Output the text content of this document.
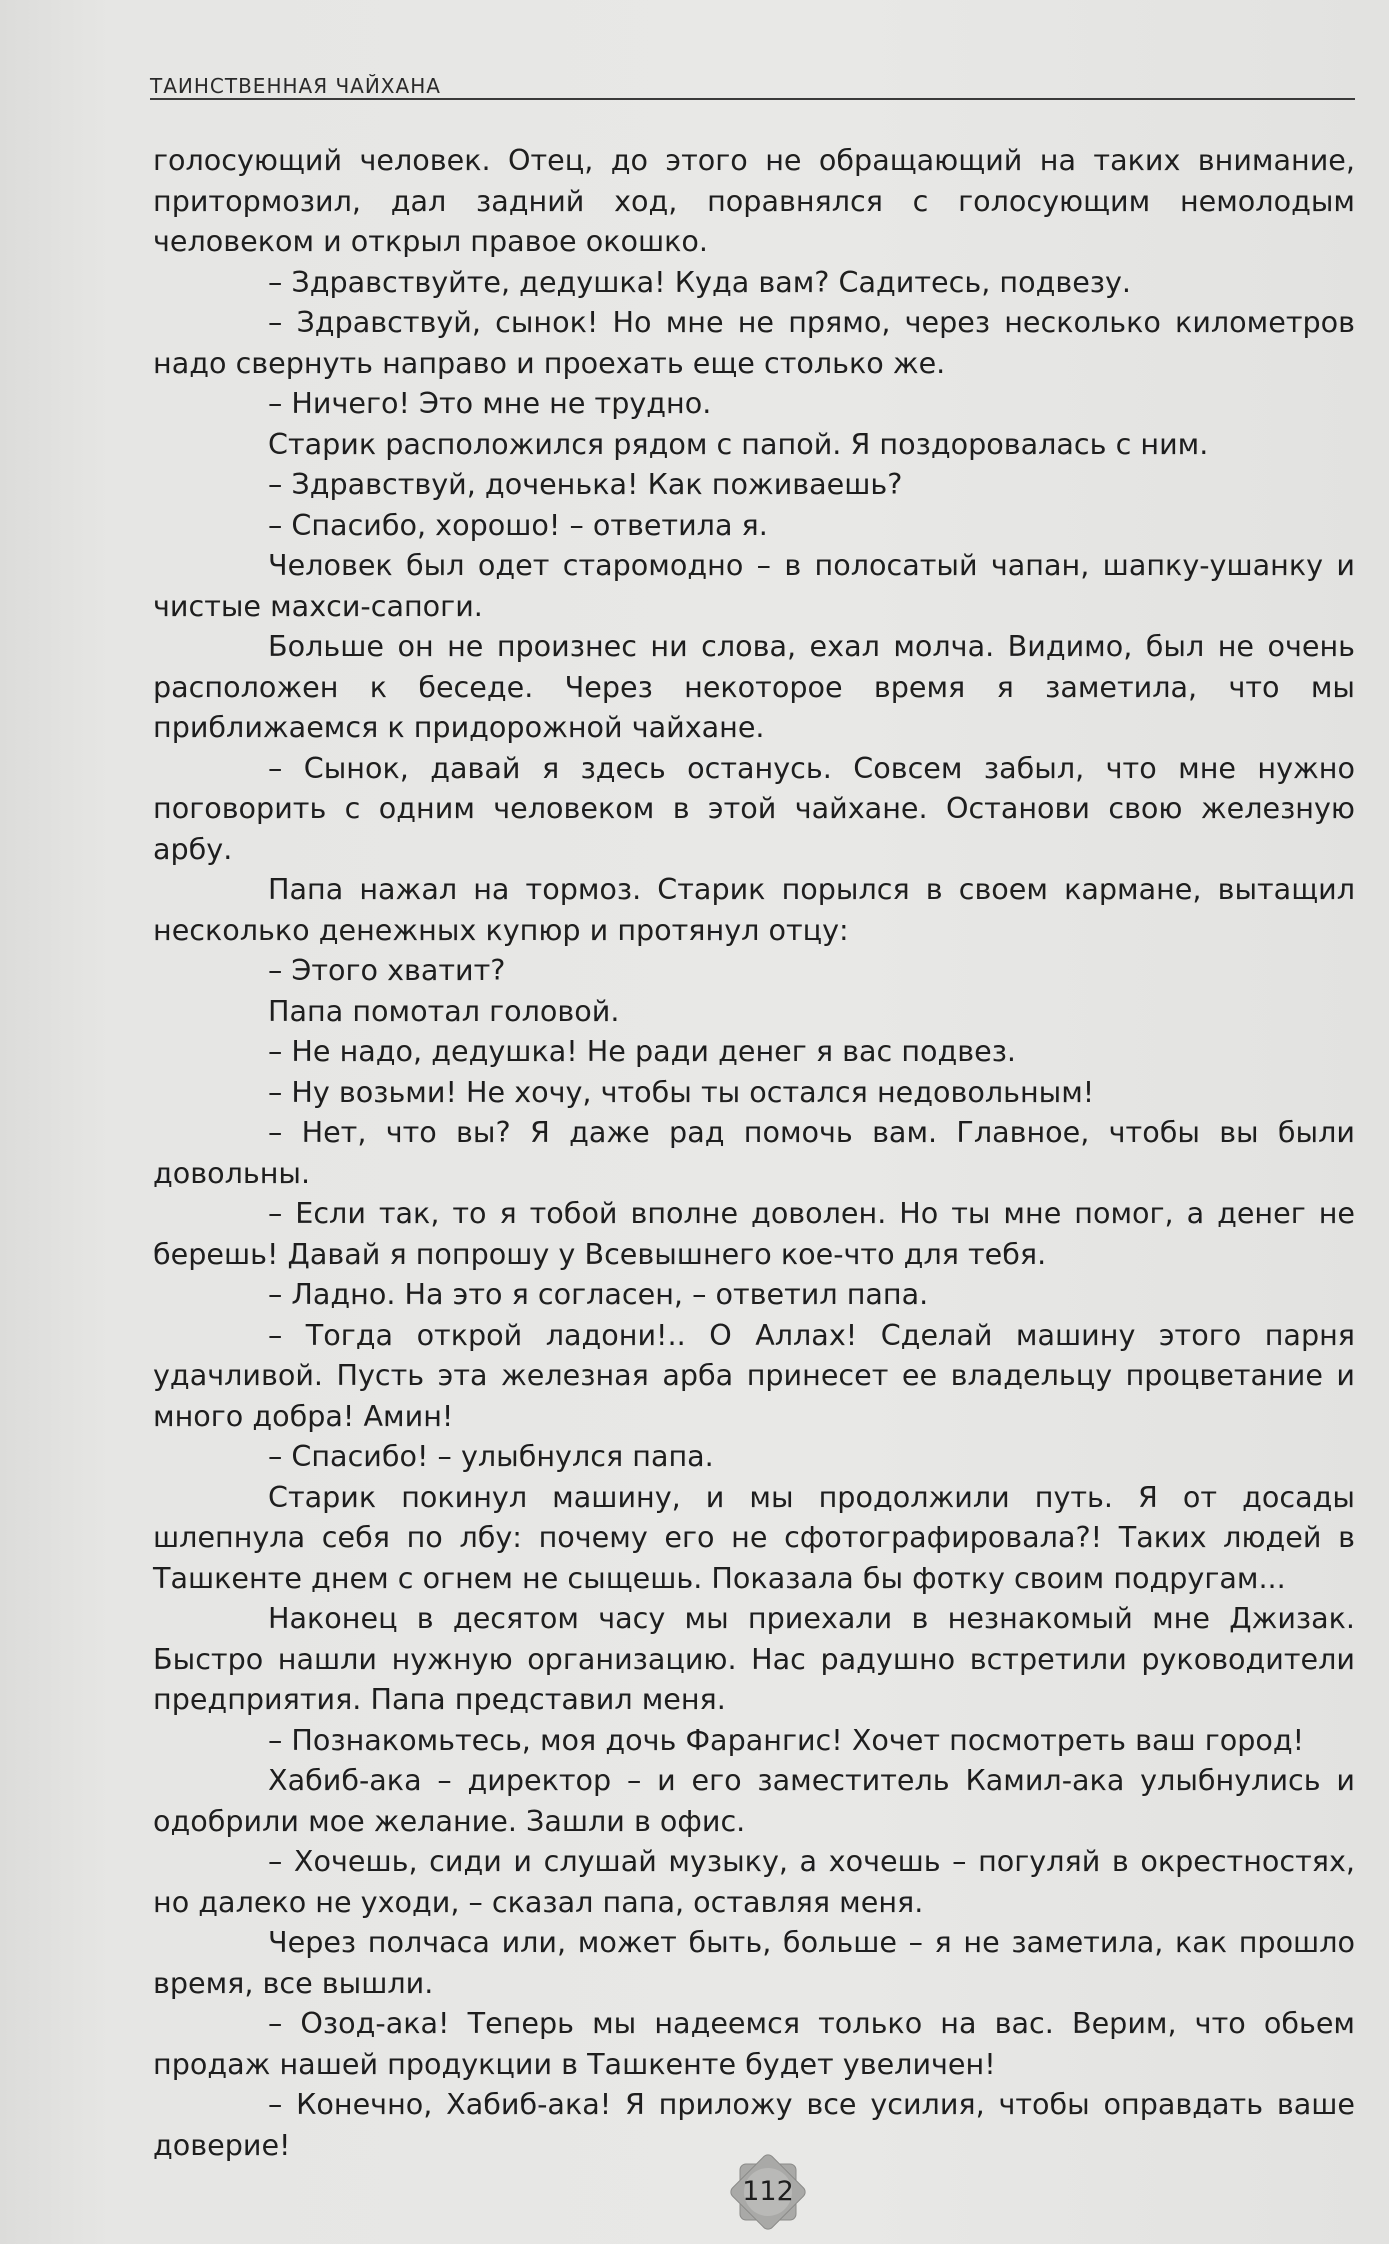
ТАИНСТВЕННАЯ ЧАЙХАНА

голосующий человек. Отец, до этого не обращающий на таких внимание, притормозил, дал задний ход, поравнялся с голосующим немолодым человеком и открыл правое окошко.

– Здравствуйте, дедушка! Куда вам? Садитесь, подвезу.

– Здравствуй, сынок! Но мне не прямо, через несколько километров надо свернуть направо и проехать еще столько же.

– Ничего! Это мне не трудно.

Старик расположился рядом с папой. Я поздоровалась с ним.

– Здравствуй, доченька! Как поживаешь?

– Спасибо, хорошо! – ответила я.

Человек был одет старомодно – в полосатый чапан, шапку-ушанку и чистые махси-сапоги.

Больше он не произнес ни слова, ехал молча. Видимо, был не очень расположен к беседе. Через некоторое время я заметила, что мы приближаемся к придорожной чайхане.

– Сынок, давай я здесь останусь. Совсем забыл, что мне нужно поговорить с одним человеком в этой чайхане. Останови свою железную арбу.

Папа нажал на тормоз. Старик порылся в своем кармане, вытащил несколько денежных купюр и протянул отцу:

– Этого хватит?

Папа помотал головой.

– Не надо, дедушка! Не ради денег я вас подвез.

– Ну возьми! Не хочу, чтобы ты остался недовольным!

– Нет, что вы? Я даже рад помочь вам. Главное, чтобы вы были довольны.

– Если так, то я тобой вполне доволен. Но ты мне помог, а денег не берешь! Давай я попрошу у Всевышнего кое-что для тебя.

– Ладно. На это я согласен, – ответил папа.

– Тогда открой ладони!.. О Аллах! Сделай машину этого парня удачливой. Пусть эта железная арба принесет ее владельцу процветание и много добра! Амин!

– Спасибо! – улыбнулся папа.

Старик покинул машину, и мы продолжили путь. Я от досады шлепнула себя по лбу: почему его не сфотографировала?! Таких людей в Ташкенте днем с огнем не сыщешь. Показала бы фотку своим подругам...

Наконец в десятом часу мы приехали в незнакомый мне Джизак. Быстро нашли нужную организацию. Нас радушно встретили руководители предприятия. Папа представил меня.

– Познакомьтесь, моя дочь Фарангис! Хочет посмотреть ваш город!

Хабиб-ака – директор – и его заместитель Камил-ака улыбнулись и одобрили мое желание. Зашли в офис.

– Хочешь, сиди и слушай музыку, а хочешь – погуляй в окрестностях, но далеко не уходи, – сказал папа, оставляя меня.

Через полчаса или, может быть, больше – я не заметила, как прошло время, все вышли.

– Озод-ака! Теперь мы надеемся только на вас. Верим, что обьем продаж нашей продукции в Ташкенте будет увеличен!

– Конечно, Хабиб-ака! Я приложу все усилия, чтобы оправдать ваше доверие!

112
